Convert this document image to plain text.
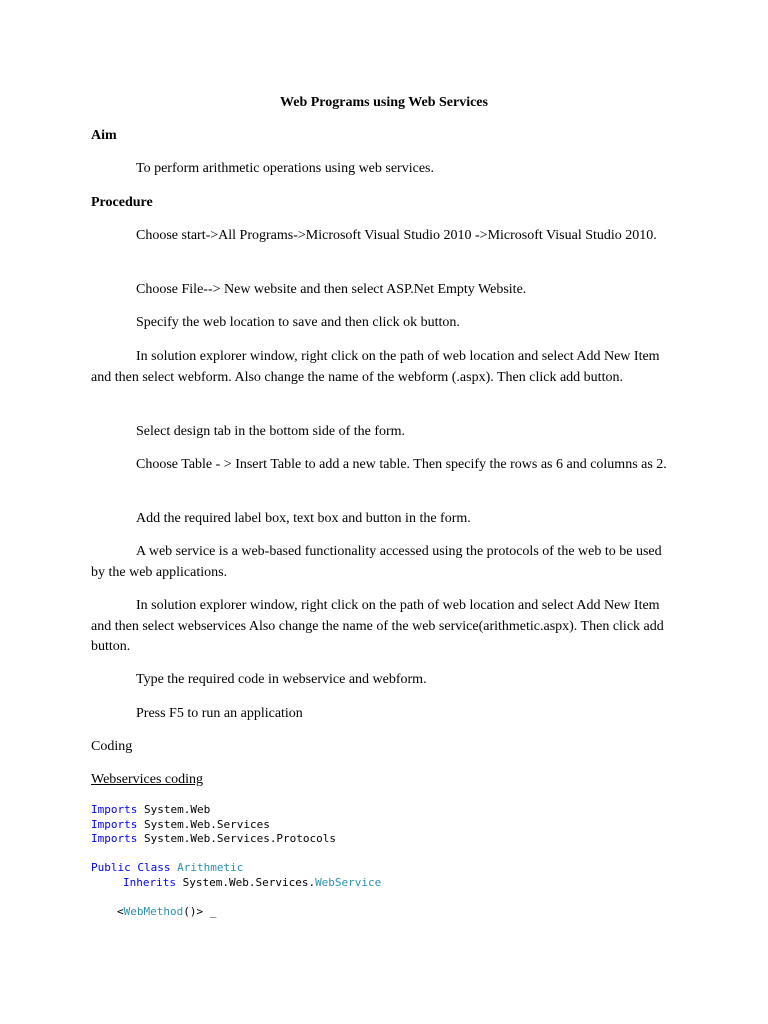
Web Programs using Web Services
Aim

To perform arithmetic operations using web services.

Procedure

Choose start->All Programs->Microsoft Visual Studio 2010 ->Microsoft Visual Studio 2010.

Choose File--> New website and then select ASP.Net Empty Website.

Specify the web location to save and then click ok button.

In solution explorer window, right click on the path of web location and select Add New Item and then select webform. Also change the name of the webform (.aspx). Then click add button.

Select design tab in the bottom side of the form.

Choose Table - > Insert Table to add a new table. Then specify the rows as 6 and columns as 2.

Add the required label box, text box and button in the form.

A web service is a web-based functionality accessed using the protocols of the web to be used by the web applications.

In solution explorer window, right click on the path of web location and select Add New Item and then select webservices Also change the name of the web service(arithmetic.aspx). Then click add button.

Type the required code in webservice and webform.

Press F5 to run an application

Coding
Webservices coding
Imports System.Web
Imports System.Web.Services
Imports System.Web.Services.Protocols
Public Class Arithmetic
Inherits System.Web.Services.WebService
<WebMethod()> _
